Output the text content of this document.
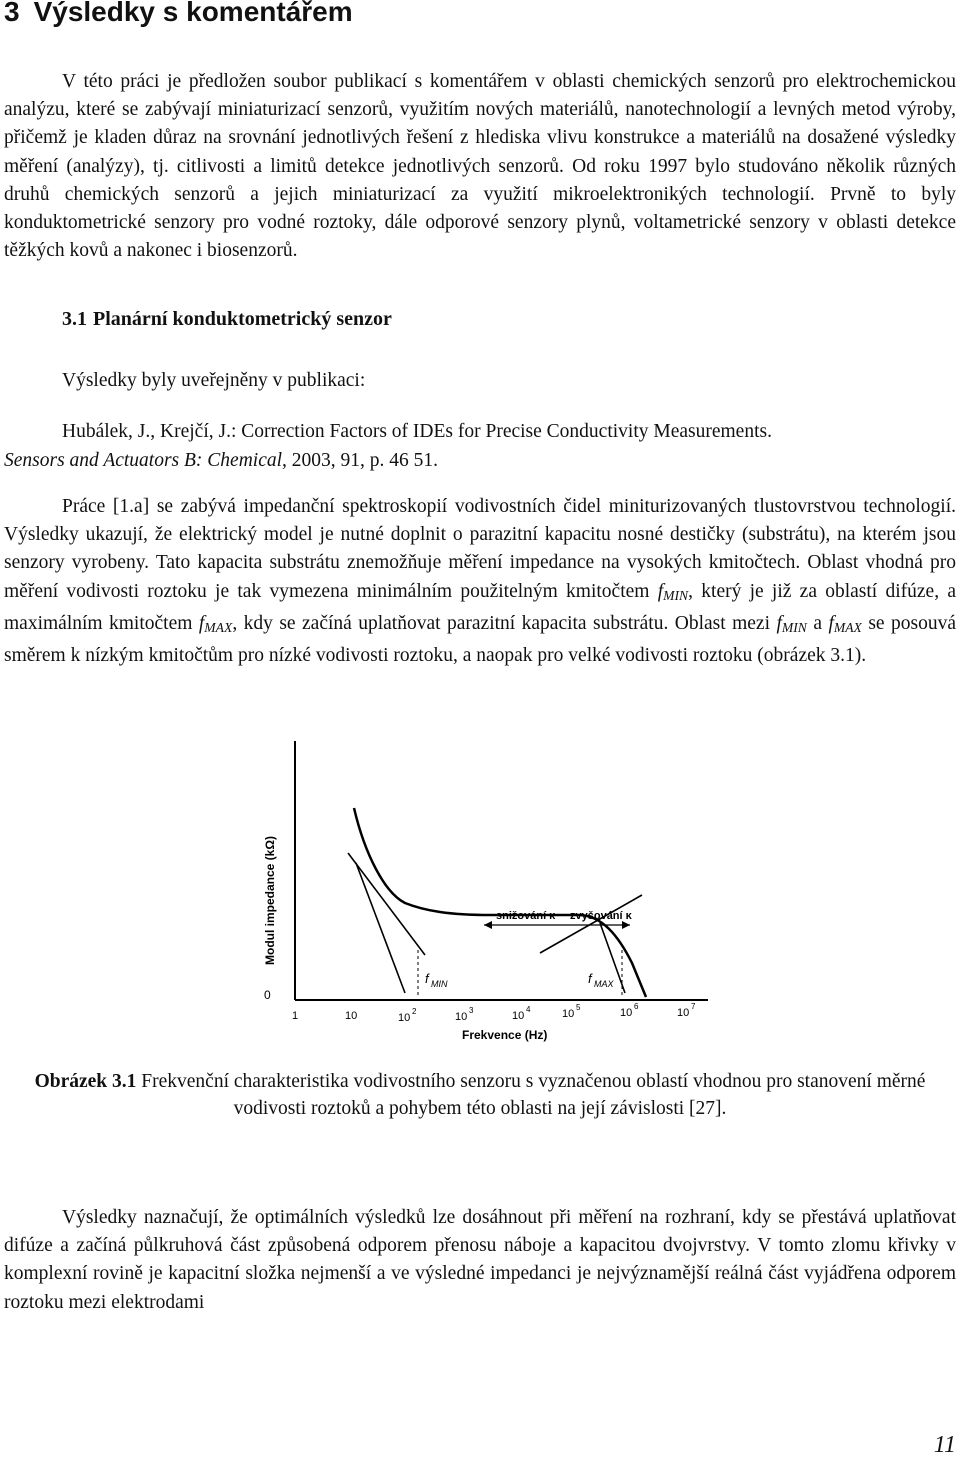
3 Výsledky s komentářem

V této práci je předložen soubor publikací s komentářem v oblasti chemických senzorů pro elektrochemickou analýzu, které se zabývají miniaturizací senzorů, využitím nových materiálů, nanotechnologií a levných metod výroby, přičemž je kladen důraz na srovnání jednotlivých řešení z hlediska vlivu konstrukce a materiálů na dosažené výsledky měření (analýzy), tj. citlivosti a limitů detekce jednotlivých senzorů. Od roku 1997 bylo studováno několik různých druhů chemických senzorů a jejich miniaturizací za využití mikroelektronikých technologií. Prvně to byly konduktometrické senzory pro vodné roztoky, dále odporové senzory plynů, voltametrické senzory v oblasti detekce těžkých kovů a nakonec i biosenzorů.

3.1 Planární konduktometrický senzor

Výsledky byly uveřejněny v publikaci:

Hubálek, J., Krejčí, J.: Correction Factors of IDEs for Precise Conductivity Measurements.
Sensors and Actuators B: Chemical, 2003, 91, p. 46 51.

Práce [1.a] se zabývá impedanční spektroskopií vodivostních čidel miniturizovaných tlustovrstvou technologií. Výsledky ukazují, že elektrický model je nutné doplnit o parazitní kapacitu nosné destičky (substrátu), na kterém jsou senzory vyrobeny. Tato kapacita substrátu znemožňuje měření impedance na vysokých kmitočtech. Oblast vhodná pro měření vodivosti roztoku je tak vymezena minimálním použitelným kmitočtem $f_{MIN}$, který je již za oblastí difúze, a maximálním kmitočtem $f_{MAX}$, kdy se začíná uplatňovat parazitní kapacita substrátu. Oblast mezi $f_{MIN}$ a $f_{MAX}$ se posouvá směrem k nízkým kmitočtům pro nízké vodivosti roztoku, a naopak pro velké vodivosti roztoku (obrázek 3.1).

Modul impedance (kΩ)
0
1	10	10
2	10
3	10
4	10
5	10
6
10
7
Frekvence (Hz)
snižování κ zvyšování κ
f MIN	f MAX

Obrázek 3.1 Frekvenční charakteristika vodivostního senzoru s vyznačenou oblastí vhodnou pro stanovení měrné vodivosti roztoků a pohybem této oblasti na její závislosti [27].

Výsledky naznačují, že optimálních výsledků lze dosáhnout při měření na rozhraní, kdy se přestává uplatňovat difúze a začíná půlkruhová část způsobená odporem přenosu náboje a kapacitou dvojvrstvy. V tomto zlomu křivky v komplexní rovině je kapacitní složka nejmenší a ve výsledné impedanci je nejvýznamější reálná část vyjádřena odporem roztoku mezi elektrodami

11
